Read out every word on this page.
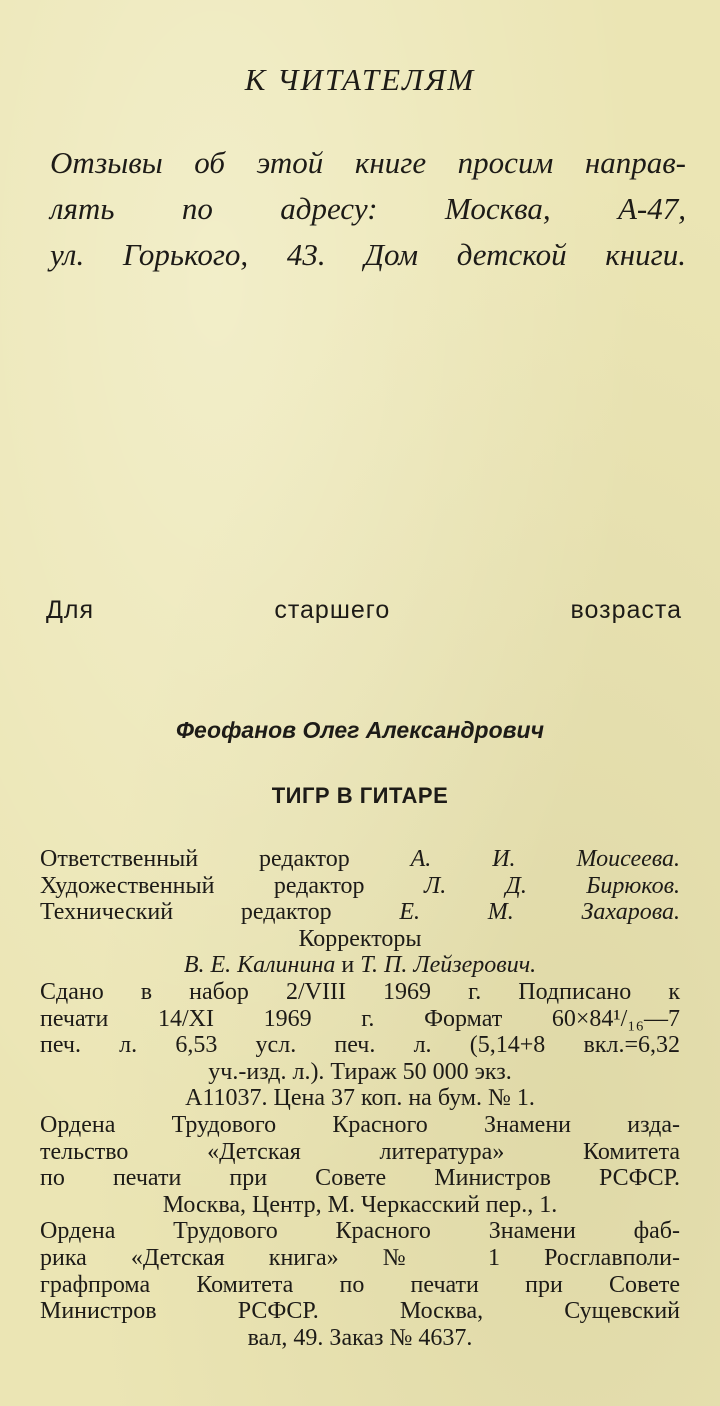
К ЧИТАТЕЛЯМ
Отзывы об этой книге просим направ-
лять по адресу: Москва, А-47,
ул. Горького, 43. Дом детской книги.
Для старшего возраста
Феофанов Олег Александрович
ТИГР В ГИТАРЕ
Ответственный редактор	А. И. Моисеева.
Художественный редактор Л. Д. Бирюков.
Технический редактор	Е. М. Захарова.
Корректоры
В. Е. Калинина и Т. П. Лейзерович.
Сдано в набор 2/VIII 1969 г. Подписано к
печати 14/XI 1969 г. Формат 60×84¹/₁₆—7
печ. л. 6,53 усл. печ. л. (5,14+8 вкл.=6,32
уч.-изд. л.). Тираж 50 000 экз.
А11037. Цена 37 коп. на бум. № 1.
Ордена Трудового Красного Знамени изда-
тельство «Детская литература» Комитета
по печати при Совете Министров РСФСР.
Москва, Центр, М. Черкасский пер., 1.
Ордена Трудового Красного Знамени фаб-
рика «Детская книга» № 1 Росглавполи-
графпрома Комитета по печати при Совете
Министров РСФСР. Москва, Сущевский
вал, 49. Заказ № 4637.
